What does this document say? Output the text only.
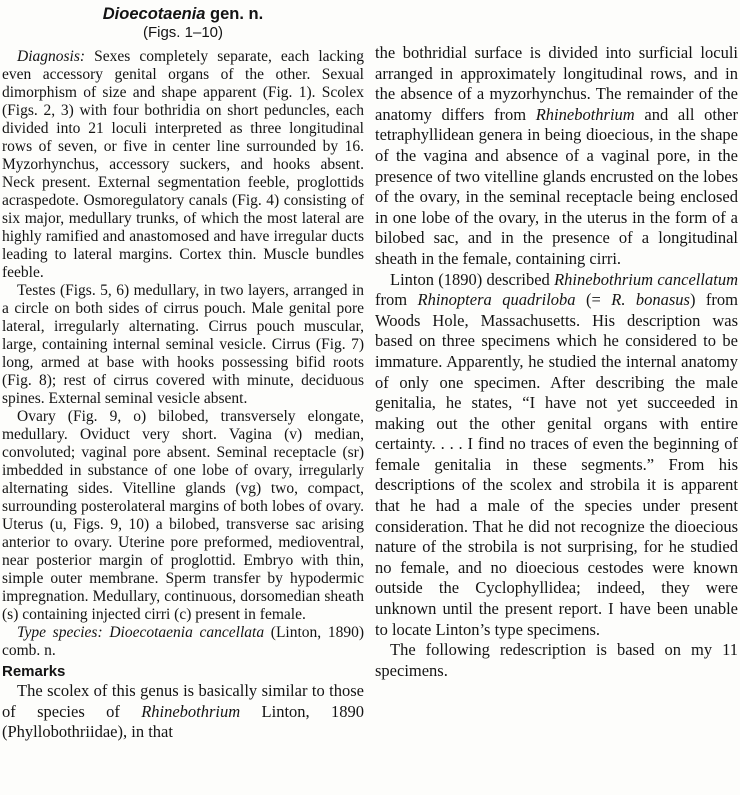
Dioecotaenia gen. n.
(Figs. 1–10)

Diagnosis: Sexes completely separate, each lacking even accessory genital organs of the other. Sexual dimorphism of size and shape apparent (Fig. 1). Scolex (Figs. 2, 3) with four bothridia on short peduncles, each divided into 21 loculi interpreted as three longitudinal rows of seven, or five in center line surrounded by 16. Myzorhynchus, accessory suckers, and hooks absent. Neck present. External segmentation feeble, proglottids acraspedote. Osmoregulatory canals (Fig. 4) consisting of six major, medullary trunks, of which the most lateral are highly ramified and anastomosed and have irregular ducts leading to lateral margins. Cortex thin. Muscle bundles feeble.

Testes (Figs. 5, 6) medullary, in two layers, arranged in a circle on both sides of cirrus pouch. Male genital pore lateral, irregularly alternating. Cirrus pouch muscular, large, containing internal seminal vesicle. Cirrus (Fig. 7) long, armed at base with hooks possessing bifid roots (Fig. 8); rest of cirrus covered with minute, deciduous spines. External seminal vesicle absent.

Ovary (Fig. 9, o) bilobed, transversely elongate, medullary. Oviduct very short. Vagina (v) median, convoluted; vaginal pore absent. Seminal receptacle (sr) imbedded in substance of one lobe of ovary, irregularly alternating sides. Vitelline glands (vg) two, compact, surrounding posterolateral margins of both lobes of ovary. Uterus (u, Figs. 9, 10) a bilobed, transverse sac arising anterior to ovary. Uterine pore preformed, medioventral, near posterior margin of proglottid. Embryo with thin, simple outer membrane. Sperm transfer by hypodermic impregnation. Medullary, continuous, dorsomedian sheath (s) containing injected cirri (c) present in female.

Type species: Dioecotaenia cancellata (Linton, 1890) comb. n.

Remarks

The scolex of this genus is basically similar to those of species of Rhinebothrium Linton, 1890 (Phyllobothriidae), in that

the bothridial surface is divided into surficial loculi arranged in approximately longitudinal rows, and in the absence of a myzorhynchus. The remainder of the anatomy differs from Rhinebothrium and all other tetraphyllidean genera in being dioecious, in the shape of the vagina and absence of a vaginal pore, in the presence of two vitelline glands encrusted on the lobes of the ovary, in the seminal receptacle being enclosed in one lobe of the ovary, in the uterus in the form of a bilobed sac, and in the presence of a longitudinal sheath in the female, containing cirri.

Linton (1890) described Rhinebothrium cancellatum from Rhinoptera quadriloba (= R. bonasus) from Woods Hole, Massachusetts. His description was based on three specimens which he considered to be immature. Apparently, he studied the internal anatomy of only one specimen. After describing the male genitalia, he states, “I have not yet succeeded in making out the other genital organs with entire certainty. . . . I find no traces of even the beginning of female genitalia in these segments.” From his descriptions of the scolex and strobila it is apparent that he had a male of the species under present consideration. That he did not recognize the dioecious nature of the strobila is not surprising, for he studied no female, and no dioecious cestodes were known outside the Cyclophyllidea; indeed, they were unknown until the present report. I have been unable to locate Linton’s type specimens.

The following redescription is based on my 11 specimens.
